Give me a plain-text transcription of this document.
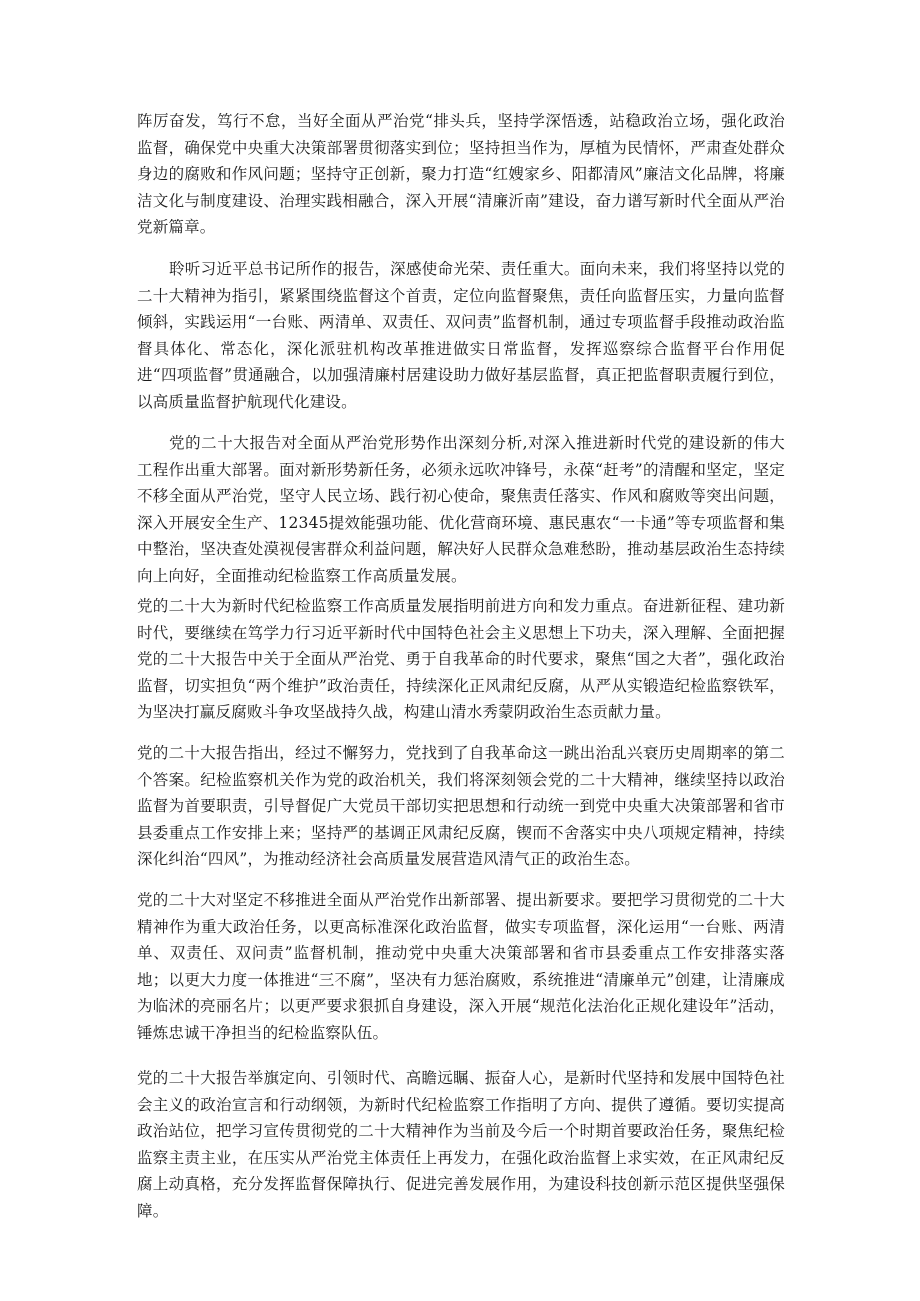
阵厉奋发，笃行不怠，当好全面从严治党“排头兵，坚持学深悟透，站稳政治立场，强化政治监督，确保党中央重大决策部署贯彻落实到位；坚持担当作为，厚植为民情怀，严肃查处群众身边的腐败和作风问题；坚持守正创新，聚力打造“红嫂家乡、阳都清风”廉洁文化品牌，将廉洁文化与制度建设、治理实践相融合，深入开展“清廉沂南”建设，奋力谱写新时代全面从严治党新篇章。

聆听习近平总书记所作的报告，深感使命光荣、责任重大。面向未来，我们将坚持以党的二十大精神为指引，紧紧围绕监督这个首责，定位向监督聚焦，责任向监督压实，力量向监督倾斜，实践运用“一台账、两清单、双责任、双问责”监督机制，通过专项监督手段推动政治监督具体化、常态化，深化派驻机构改革推进做实日常监督，发挥巡察综合监督平台作用促进“四项监督”贯通融合，以加强清廉村居建设助力做好基层监督，真正把监督职责履行到位，以高质量监督护航现代化建设。

党的二十大报告对全面从严治党形势作出深刻分析,对深入推进新时代党的建设新的伟大工程作出重大部署。面对新形势新任务，必须永远吹冲锋号，永葆“赶考”的清醒和坚定，坚定不移全面从严治党，坚守人民立场、践行初心使命，聚焦责任落实、作风和腐败等突出问题，深入开展安全生产、12345提效能强功能、优化营商环境、惠民惠农“一卡通”等专项监督和集中整治，坚决查处漠视侵害群众利益问题，解决好人民群众急难愁盼，推动基层政治生态持续向上向好，全面推动纪检监察工作高质量发展。

党的二十大为新时代纪检监察工作高质量发展指明前进方向和发力重点。奋进新征程、建功新时代，要继续在笃学力行习近平新时代中国特色社会主义思想上下功夫，深入理解、全面把握党的二十大报告中关于全面从严治党、勇于自我革命的时代要求，聚焦“国之大者”，强化政治监督，切实担负“两个维护”政治责任，持续深化正风肃纪反腐，从严从实锻造纪检监察铁军，为坚决打赢反腐败斗争攻坚战持久战，构建山清水秀蒙阴政治生态贡献力量。

党的二十大报告指出，经过不懈努力，党找到了自我革命这一跳出治乱兴衰历史周期率的第二个答案。纪检监察机关作为党的政治机关，我们将深刻领会党的二十大精神，继续坚持以政治监督为首要职责，引导督促广大党员干部切实把思想和行动统一到党中央重大决策部署和省市县委重点工作安排上来；坚持严的基调正风肃纪反腐，锲而不舍落实中央八项规定精神，持续深化纠治“四风”，为推动经济社会高质量发展营造风清气正的政治生态。

党的二十大对坚定不移推进全面从严治党作出新部署、提出新要求。要把学习贯彻党的二十大精神作为重大政治任务，以更高标准深化政治监督，做实专项监督，深化运用“一台账、两清单、双责任、双问责”监督机制，推动党中央重大决策部署和省市县委重点工作安排落实落地；以更大力度一体推进“三不腐”，坚决有力惩治腐败，系统推进“清廉单元”创建，让清廉成为临沭的亮丽名片；以更严要求狠抓自身建设，深入开展“规范化法治化正规化建设年”活动，锤炼忠诚干净担当的纪检监察队伍。

党的二十大报告举旗定向、引领时代、高瞻远瞩、振奋人心，是新时代坚持和发展中国特色社会主义的政治宣言和行动纲领，为新时代纪检监察工作指明了方向、提供了遵循。要切实提高政治站位，把学习宣传贯彻党的二十大精神作为当前及今后一个时期首要政治任务，聚焦纪检监察主责主业，在压实从严治党主体责任上再发力，在强化政治监督上求实效，在正风肃纪反腐上动真格，充分发挥监督保障执行、促进完善发展作用，为建设科技创新示范区提供坚强保障。
